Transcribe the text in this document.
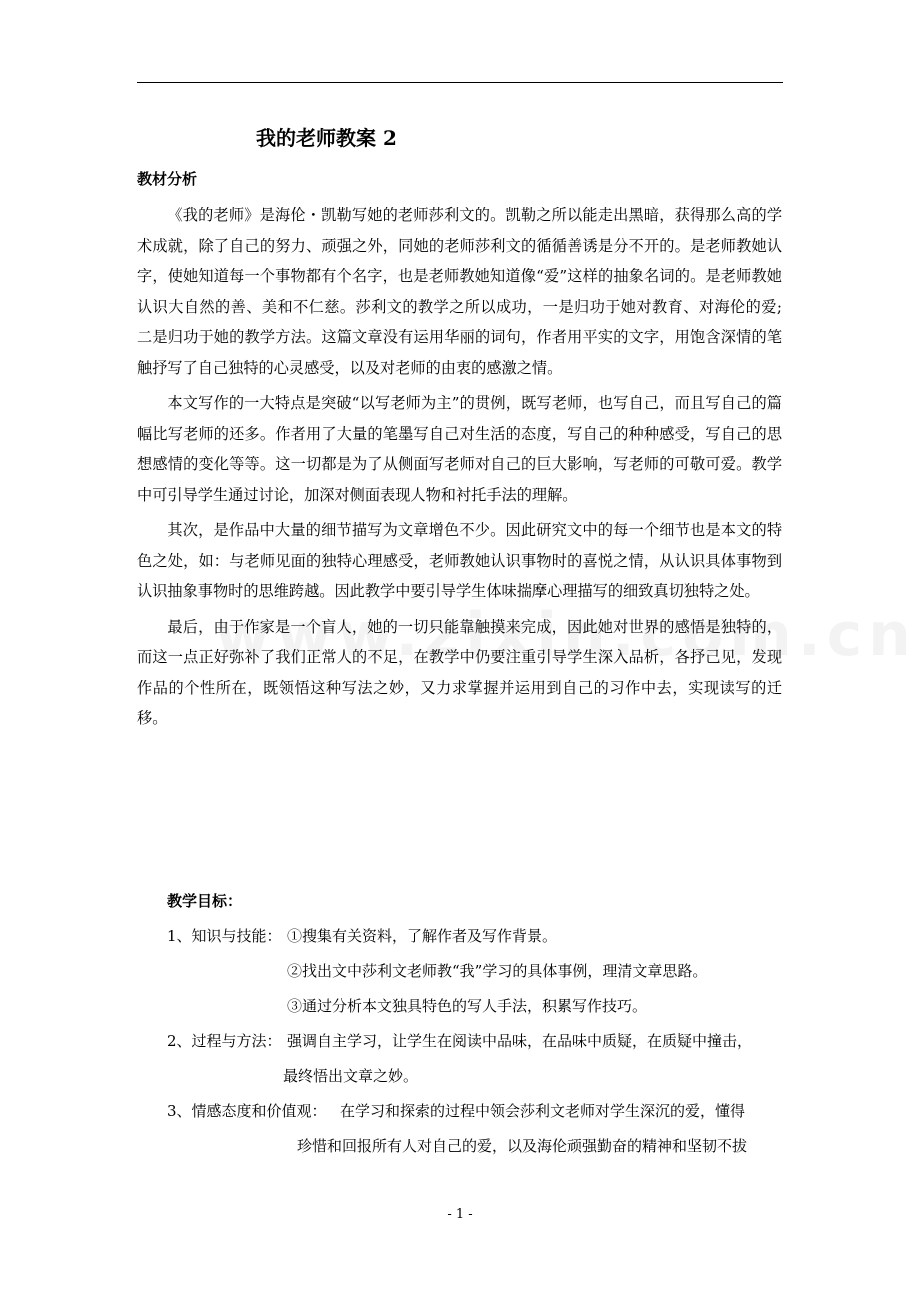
我的老师教案 2
教材分析

《我的老师》是海伦・凯勒写她的老师莎利文的。凯勒之所以能走出黑暗，获得那么高的学术成就，除了自己的努力、顽强之外，同她的老师莎利文的循循善诱是分不开的。是老师教她认字，使她知道每一个事物都有个名字，也是老师教她知道像“爱”这样的抽象名词的。是老师教她认识大自然的善、美和不仁慈。莎利文的教学之所以成功，一是归功于她对教育、对海伦的爱; 二是归功于她的教学方法。这篇文章没有运用华丽的词句，作者用平实的文字，用饱含深情的笔触抒写了自己独特的心灵感受，以及对老师的由衷的感激之情。

本文写作的一大特点是突破“以写老师为主”的贯例，既写老师，也写自己，而且写自己的篇幅比写老师的还多。作者用了大量的笔墨写自己对生活的态度，写自己的种种感受，写自己的思想感情的变化等等。这一切都是为了从侧面写老师对自己的巨大影响，写老师的可敬可爱。教学中可引导学生通过讨论，加深对侧面表现人物和衬托手法的理解。

其次，是作品中大量的细节描写为文章增色不少。因此研究文中的每一个细节也是本文的特色之处，如：与老师见面的独特心理感受，老师教她认识事物时的喜悦之情，从认识具体事物到认识抽象事物时的思维跨越。因此教学中要引导学生体味揣摩心理描写的细致真切独特之处。

最后，由于作家是一个盲人，她的一切只能靠触摸来完成，因此她对世界的感悟是独特的，而这一点正好弥补了我们正常人的不足，在教学中仍要注重引导学生深入品析，各抒己见，发现作品的个性所在，既领悟这种写法之妙，又力求掌握并运用到自己的习作中去，实现读写的迁移。

教学目标：
1、知识与技能： ①搜集有关资料，了解作者及写作背景。
②找出文中莎利文老师教“我”学习的具体事例，理清文章思路。
③通过分析本文独具特色的写人手法，积累写作技巧。
2、过程与方法： 强调自主学习，让学生在阅读中品味，在品味中质疑，在质疑中撞击，
最终悟出文章之妙。
3、情感态度和价值观： 在学习和探索的过程中领会莎利文老师对学生深沉的爱，懂得
珍惜和回报所有人对自己的爱，以及海伦顽强勤奋的精神和坚韧不拔
- 1 -
